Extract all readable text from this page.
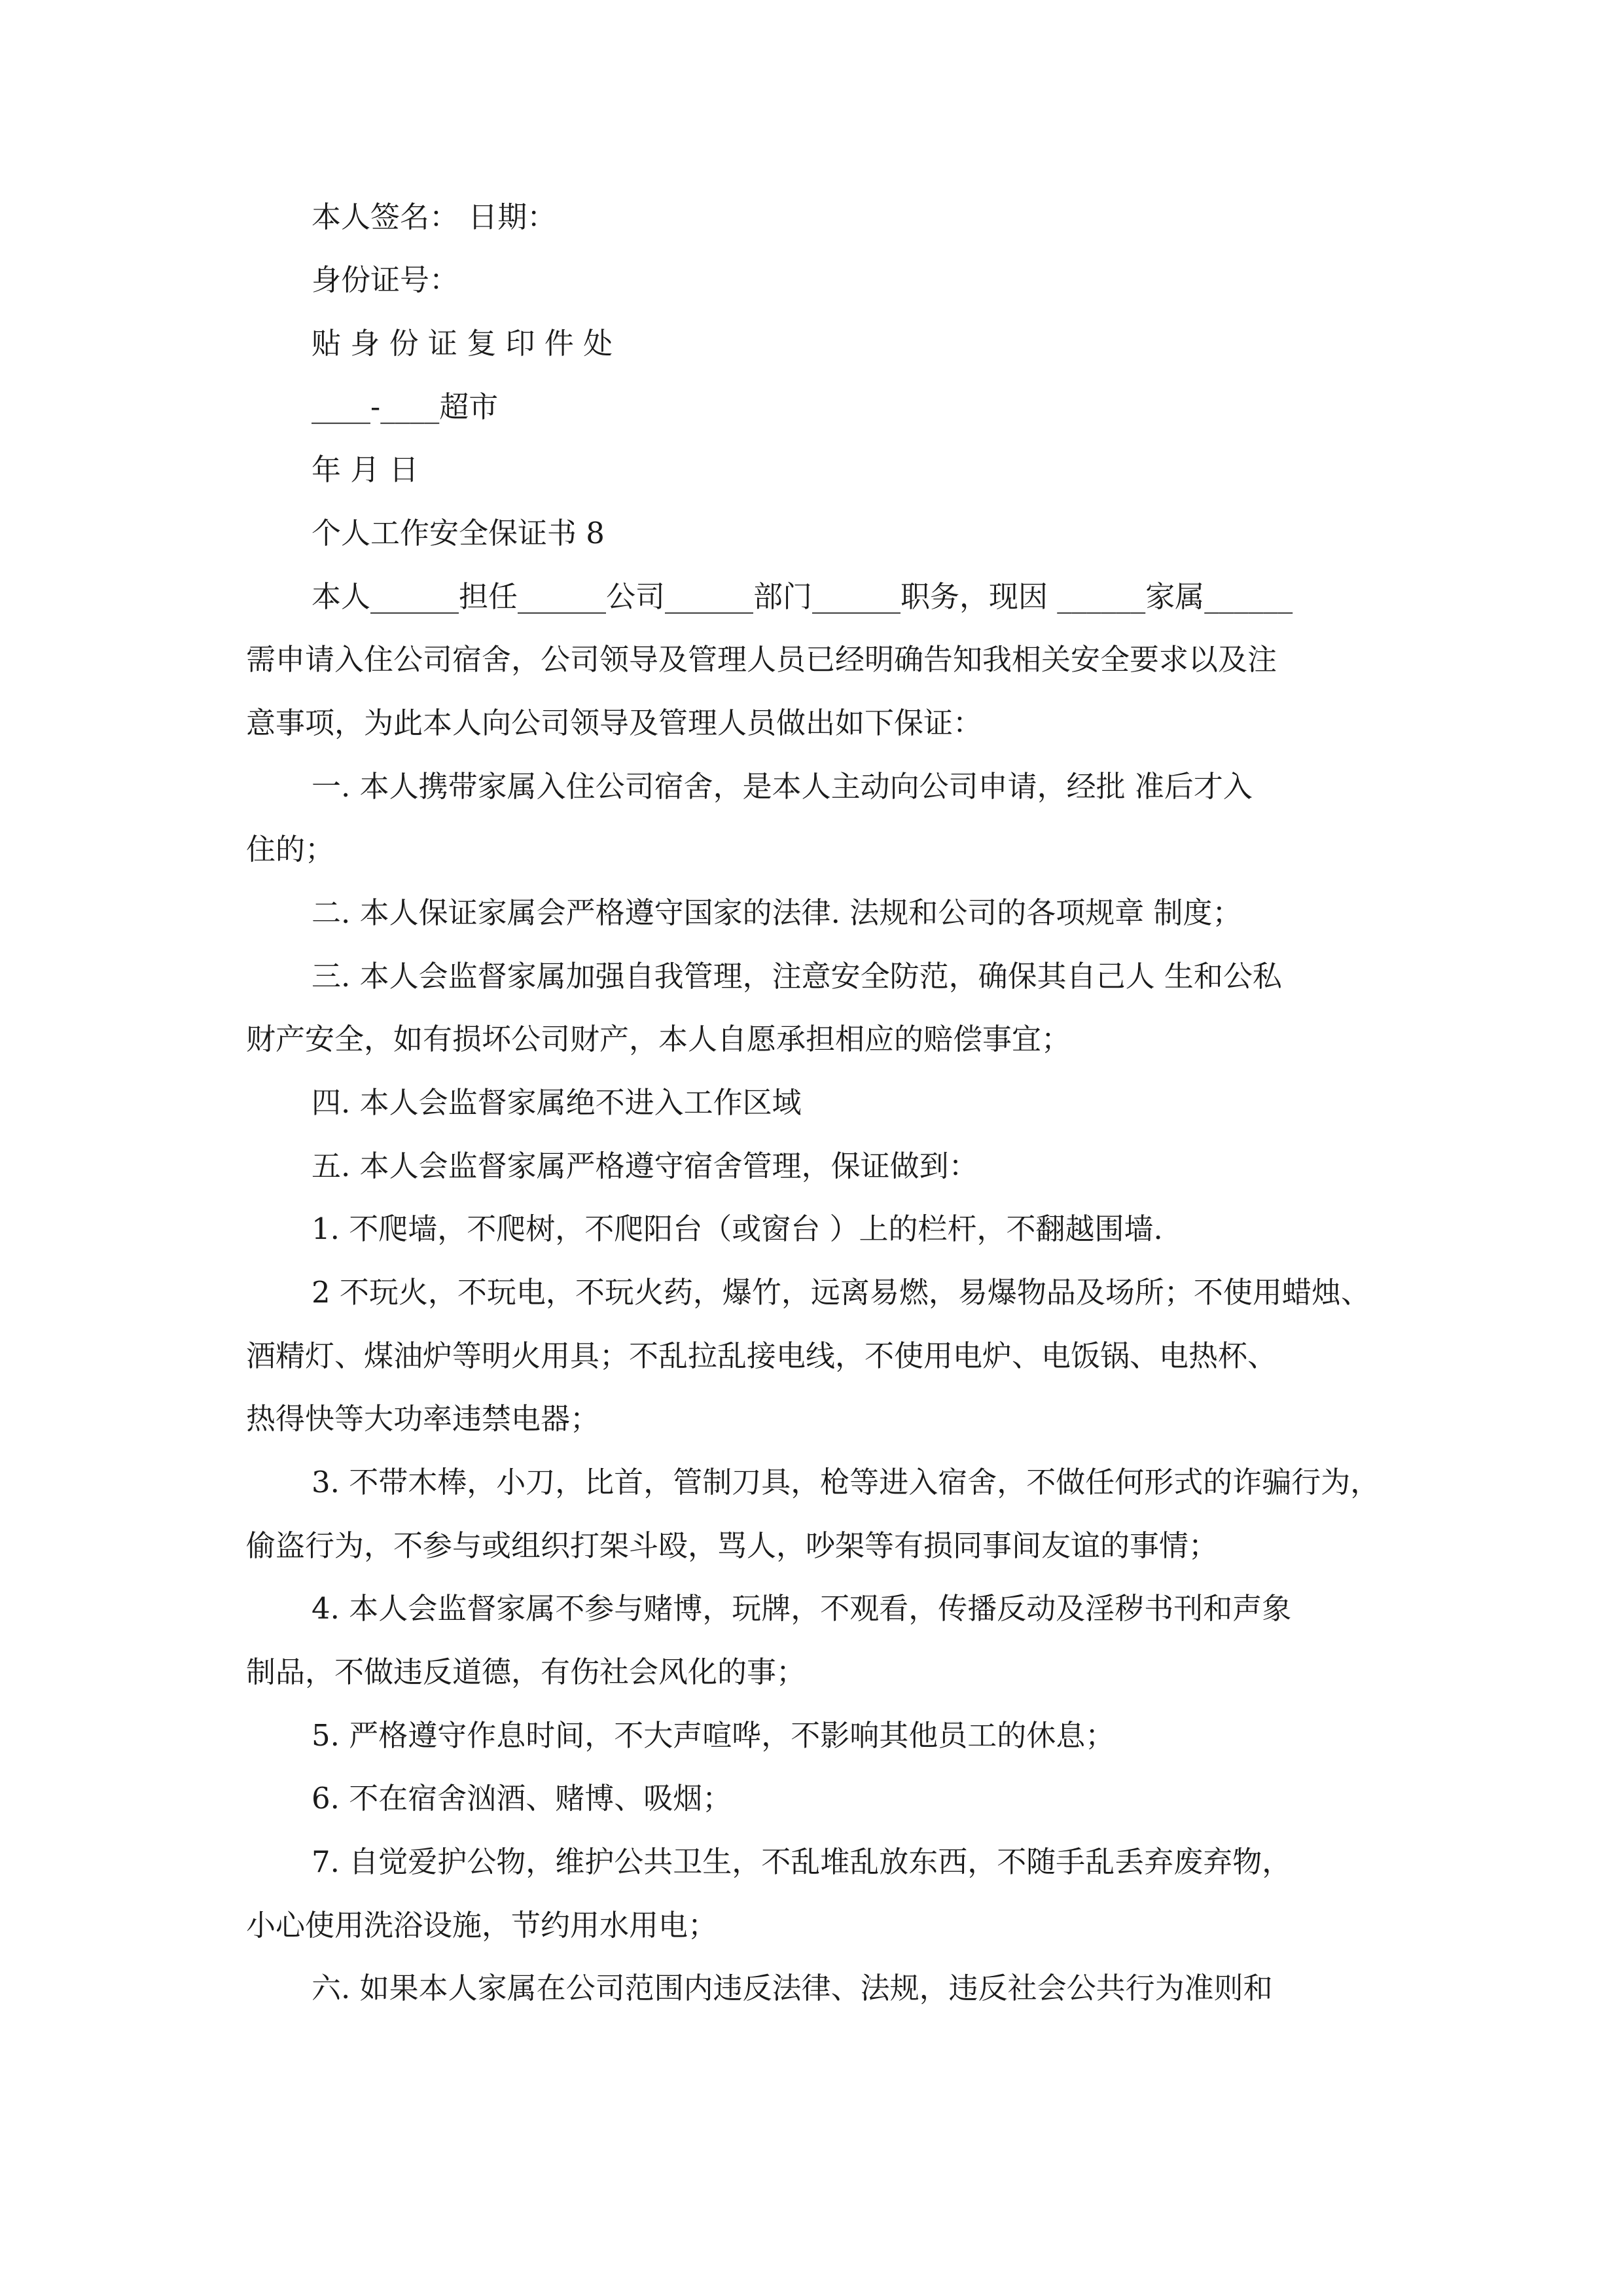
本人签名： 日期：
身份证号：
贴 身 份 证 复 印 件 处
____-____超市
年 月 日
个人工作安全保证书 8
本人______担任______公司______部门______职务，现因 ______家属______
需申请入住公司宿舍，公司领导及管理人员已经明确告知我相关安全要求以及注
意事项，为此本人向公司领导及管理人员做出如下保证：
一. 本人携带家属入住公司宿舍，是本人主动向公司申请，经批 准后才入
住的；
二. 本人保证家属会严格遵守国家的法律. 法规和公司的各项规章 制度；
三. 本人会监督家属加强自我管理，注意安全防范，确保其自己人 生和公私
财产安全，如有损坏公司财产，本人自愿承担相应的赔偿事宜；
四. 本人会监督家属绝不进入工作区域
五. 本人会监督家属严格遵守宿舍管理，保证做到：
1. 不爬墙，不爬树，不爬阳台（或窗台 ）上的栏杆，不翻越围墙.
2 不玩火，不玩电，不玩火药，爆竹，远离易燃，易爆物品及场所；不使用蜡烛、
酒精灯、煤油炉等明火用具；不乱拉乱接电线，不使用电炉、电饭锅、电热杯、
热得快等大功率违禁电器；
3. 不带木棒，小刀，比首，管制刀具，枪等进入宿舍，不做任何形式的诈骗行为，
偷盗行为，不参与或组织打架斗殴，骂人，吵架等有损同事间友谊的事情；
4. 本人会监督家属不参与赌博，玩牌，不观看，传播反动及淫秽书刊和声象
制品，不做违反道德，有伤社会风化的事；
5. 严格遵守作息时间，不大声喧哗，不影响其他员工的休息；
6. 不在宿舍汹酒、赌博、吸烟；
7. 自觉爱护公物，维护公共卫生，不乱堆乱放东西，不随手乱丢弃废弃物，
小心使用洗浴设施，节约用水用电；
六. 如果本人家属在公司范围内违反法律、法规，违反社会公共行为准则和
